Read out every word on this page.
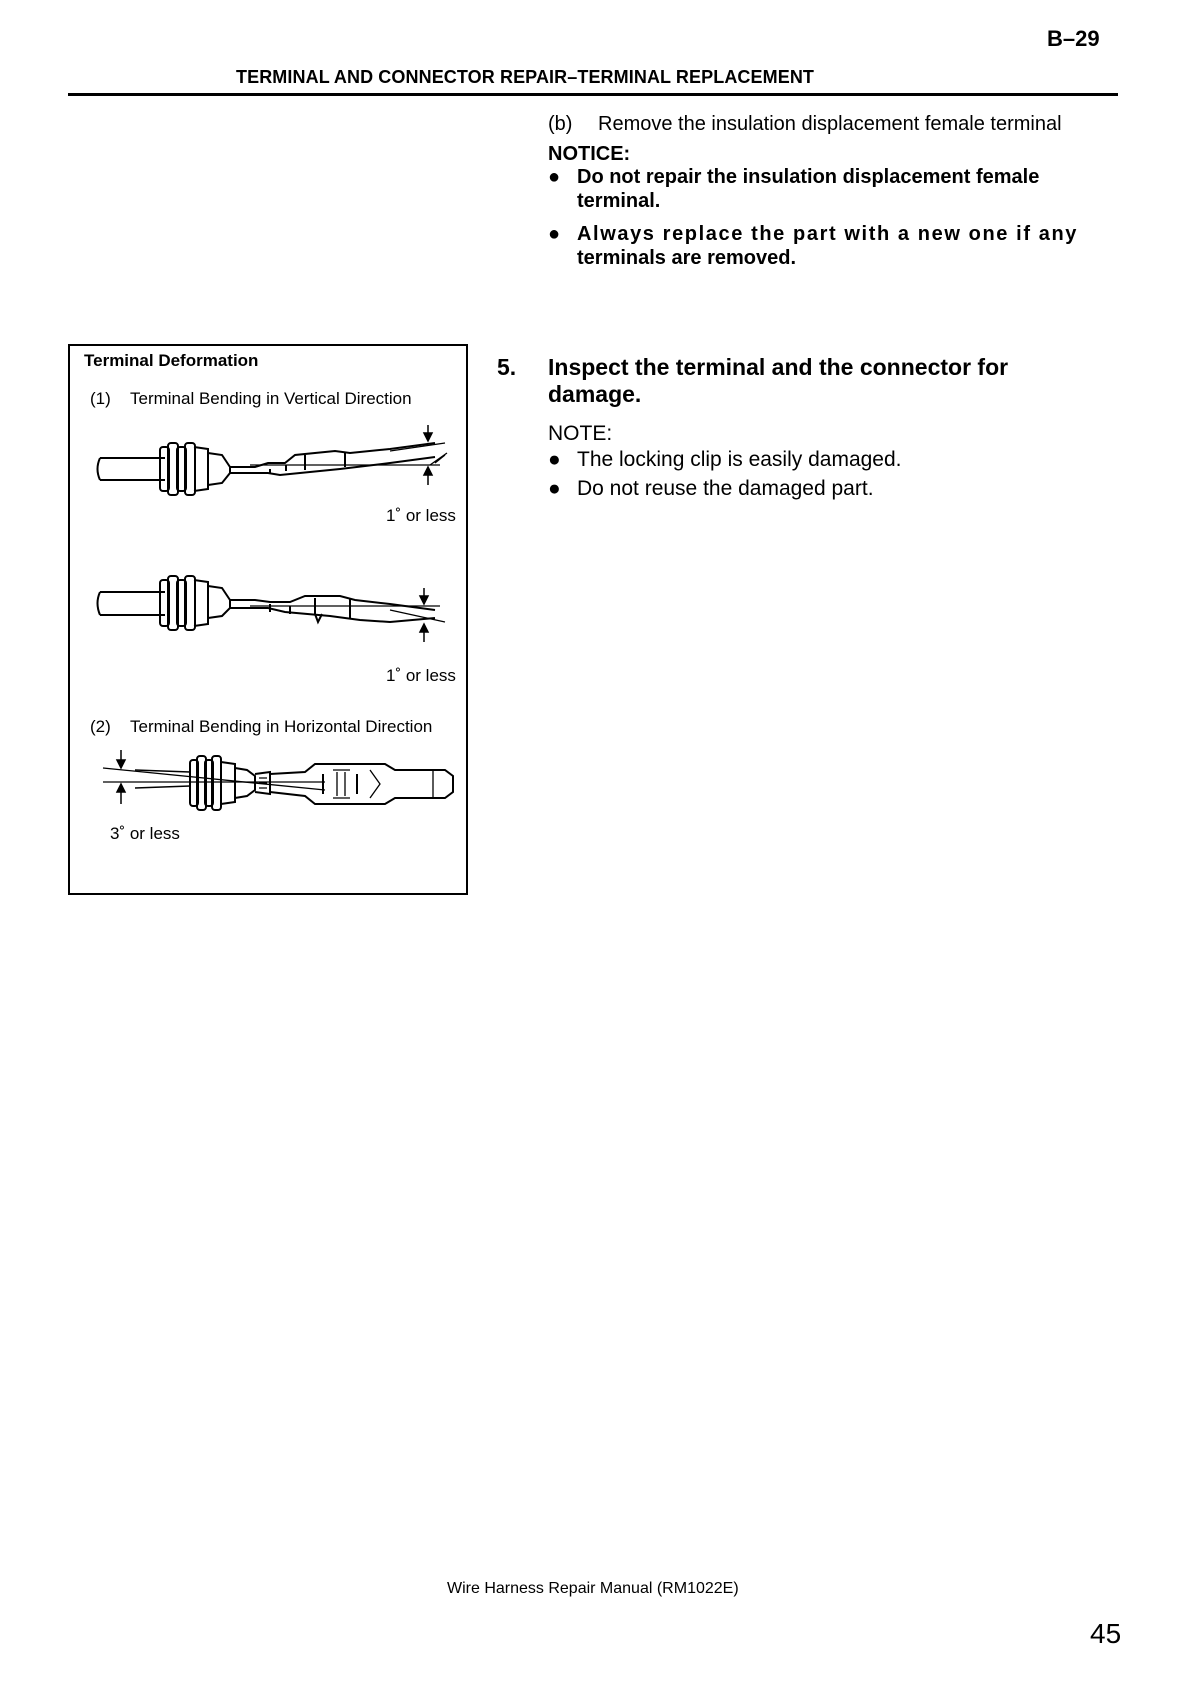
B–29
TERMINAL AND CONNECTOR REPAIR–TERMINAL REPLACEMENT
(b) Remove the insulation displacement female terminal
NOTICE:
● Do not repair the insulation displacement female
terminal.
● Always replace the part with a new one if any
terminals are removed.
5. Inspect the terminal and the connector for
damage.
NOTE:
● The locking clip is easily damaged.
● Do not reuse the damaged part.
Terminal Deformation
(1) Terminal Bending in Vertical Direction
1˚ or less
1˚ or less
(2) Terminal Bending in Horizontal Direction
3˚ or less
Wire Harness Repair Manual (RM1022E)
45
